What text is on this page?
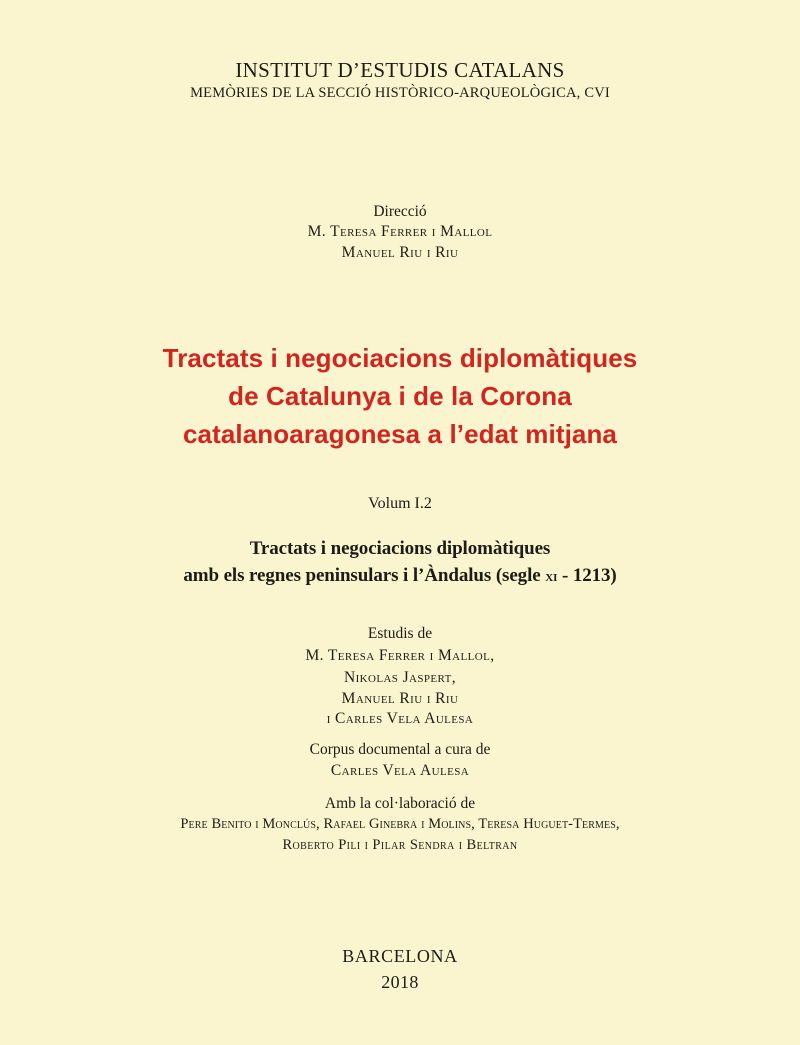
INSTITUT D’ESTUDIS CATALANS
MEMÒRIES DE LA SECCIÓ HISTÒRICO-ARQUEOLÒGICA, CVI
Direcció
M. Teresa Ferrer i Mallol
Manuel Riu i Riu
Tractats i negociacions diplomàtiques
de Catalunya i de la Corona
catalanoaragonesa a l’edat mitjana
Volum I.2
Tractats i negociacions diplomàtiques
amb els regnes peninsulars i l’Àndalus (segle xi - 1213)
Estudis de
M. Teresa Ferrer i Mallol,
Nikolas Jaspert,
Manuel Riu i Riu
i Carles Vela Aulesa
Corpus documental a cura de
Carles Vela Aulesa
Amb la col·laboració de
Pere Benito i Monclús, Rafael Ginebra i Molins, Teresa Huguet-Termes,
Roberto Pili i Pilar Sendra i Beltran
BARCELONA
2018
